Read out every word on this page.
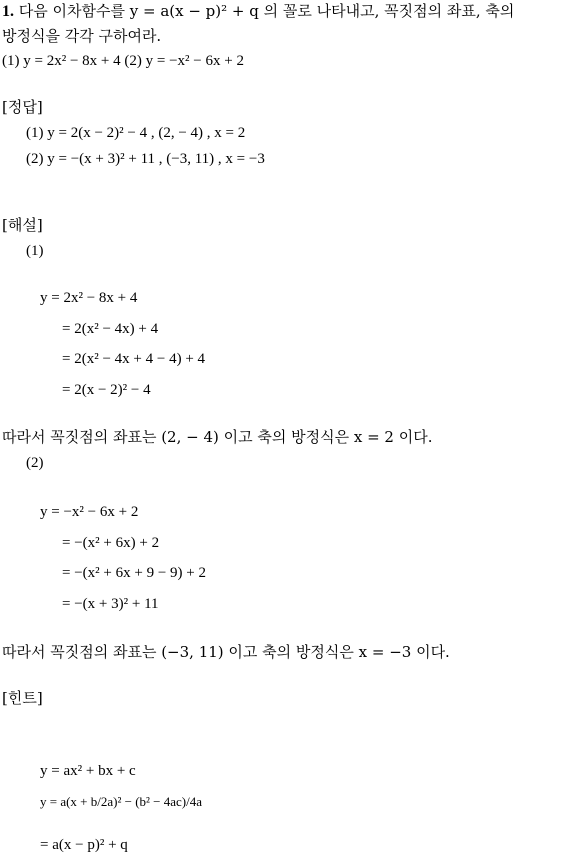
1. 다음 이차함수를 y = a(x − p)² + q 의 꼴로 나타내고, 꼭짓점의 좌표, 축의
방정식을 각각 구하여라.
(1) y = 2x² − 8x + 4 (2) y = −x² − 6x + 2
[정답]
(1) y = 2(x − 2)² − 4 , (2, − 4) , x = 2
(2) y = −(x + 3)² + 11 , (−3, 11) , x = −3
[해설]
(1)
y = 2x² − 8x + 4
= 2(x² − 4x) + 4
= 2(x² − 4x + 4 − 4) + 4
= 2(x − 2)² − 4
따라서 꼭짓점의 좌표는 (2, − 4) 이고 축의 방정식은 x = 2 이다.
(2)
y = −x² − 6x + 2
= −(x² + 6x) + 2
= −(x² + 6x + 9 − 9) + 2
= −(x + 3)² + 11
따라서 꼭짓점의 좌표는 (−3, 11) 이고 축의 방정식은 x = −3 이다.
[힌트]
y = ax² + bx + c
y = a(x + b/2a)² − (b² − 4ac)/4a
= a(x − p)² + q
